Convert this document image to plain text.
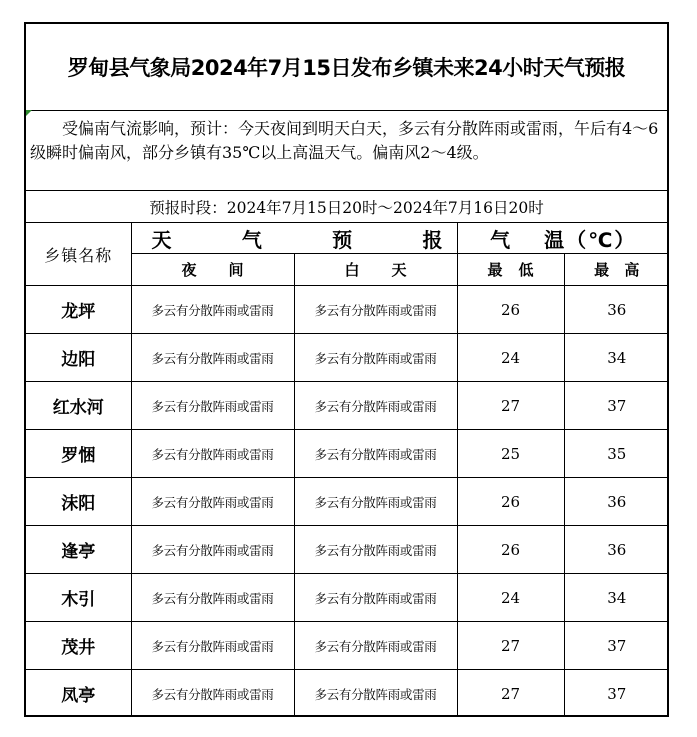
罗甸县气象局2024年7月15日发布乡镇未来24小时天气预报
受偏南气流影响，预计：今天夜间到明天白天，多云有分散阵雨或雷雨，午后有4～6级瞬时偏南风，部分乡镇有35℃以上高温天气。偏南风2～4级。
预报时段：2024年7月15日20时～2024年7月16日20时
乡镇名称	天 气 预 报		气 温（℃）	

	夜 间	白 天	最 低	最 高

龙坪	多云有分散阵雨或雷雨	多云有分散阵雨或雷雨	26	36
边阳	多云有分散阵雨或雷雨	多云有分散阵雨或雷雨	24	34
红水河	多云有分散阵雨或雷雨	多云有分散阵雨或雷雨	27	37
罗悃	多云有分散阵雨或雷雨	多云有分散阵雨或雷雨	25	35
沫阳	多云有分散阵雨或雷雨	多云有分散阵雨或雷雨	26	36
逢亭	多云有分散阵雨或雷雨	多云有分散阵雨或雷雨	26	36
木引	多云有分散阵雨或雷雨	多云有分散阵雨或雷雨	24	34
茂井	多云有分散阵雨或雷雨	多云有分散阵雨或雷雨	27	37
凤亭	多云有分散阵雨或雷雨	多云有分散阵雨或雷雨	27	37
